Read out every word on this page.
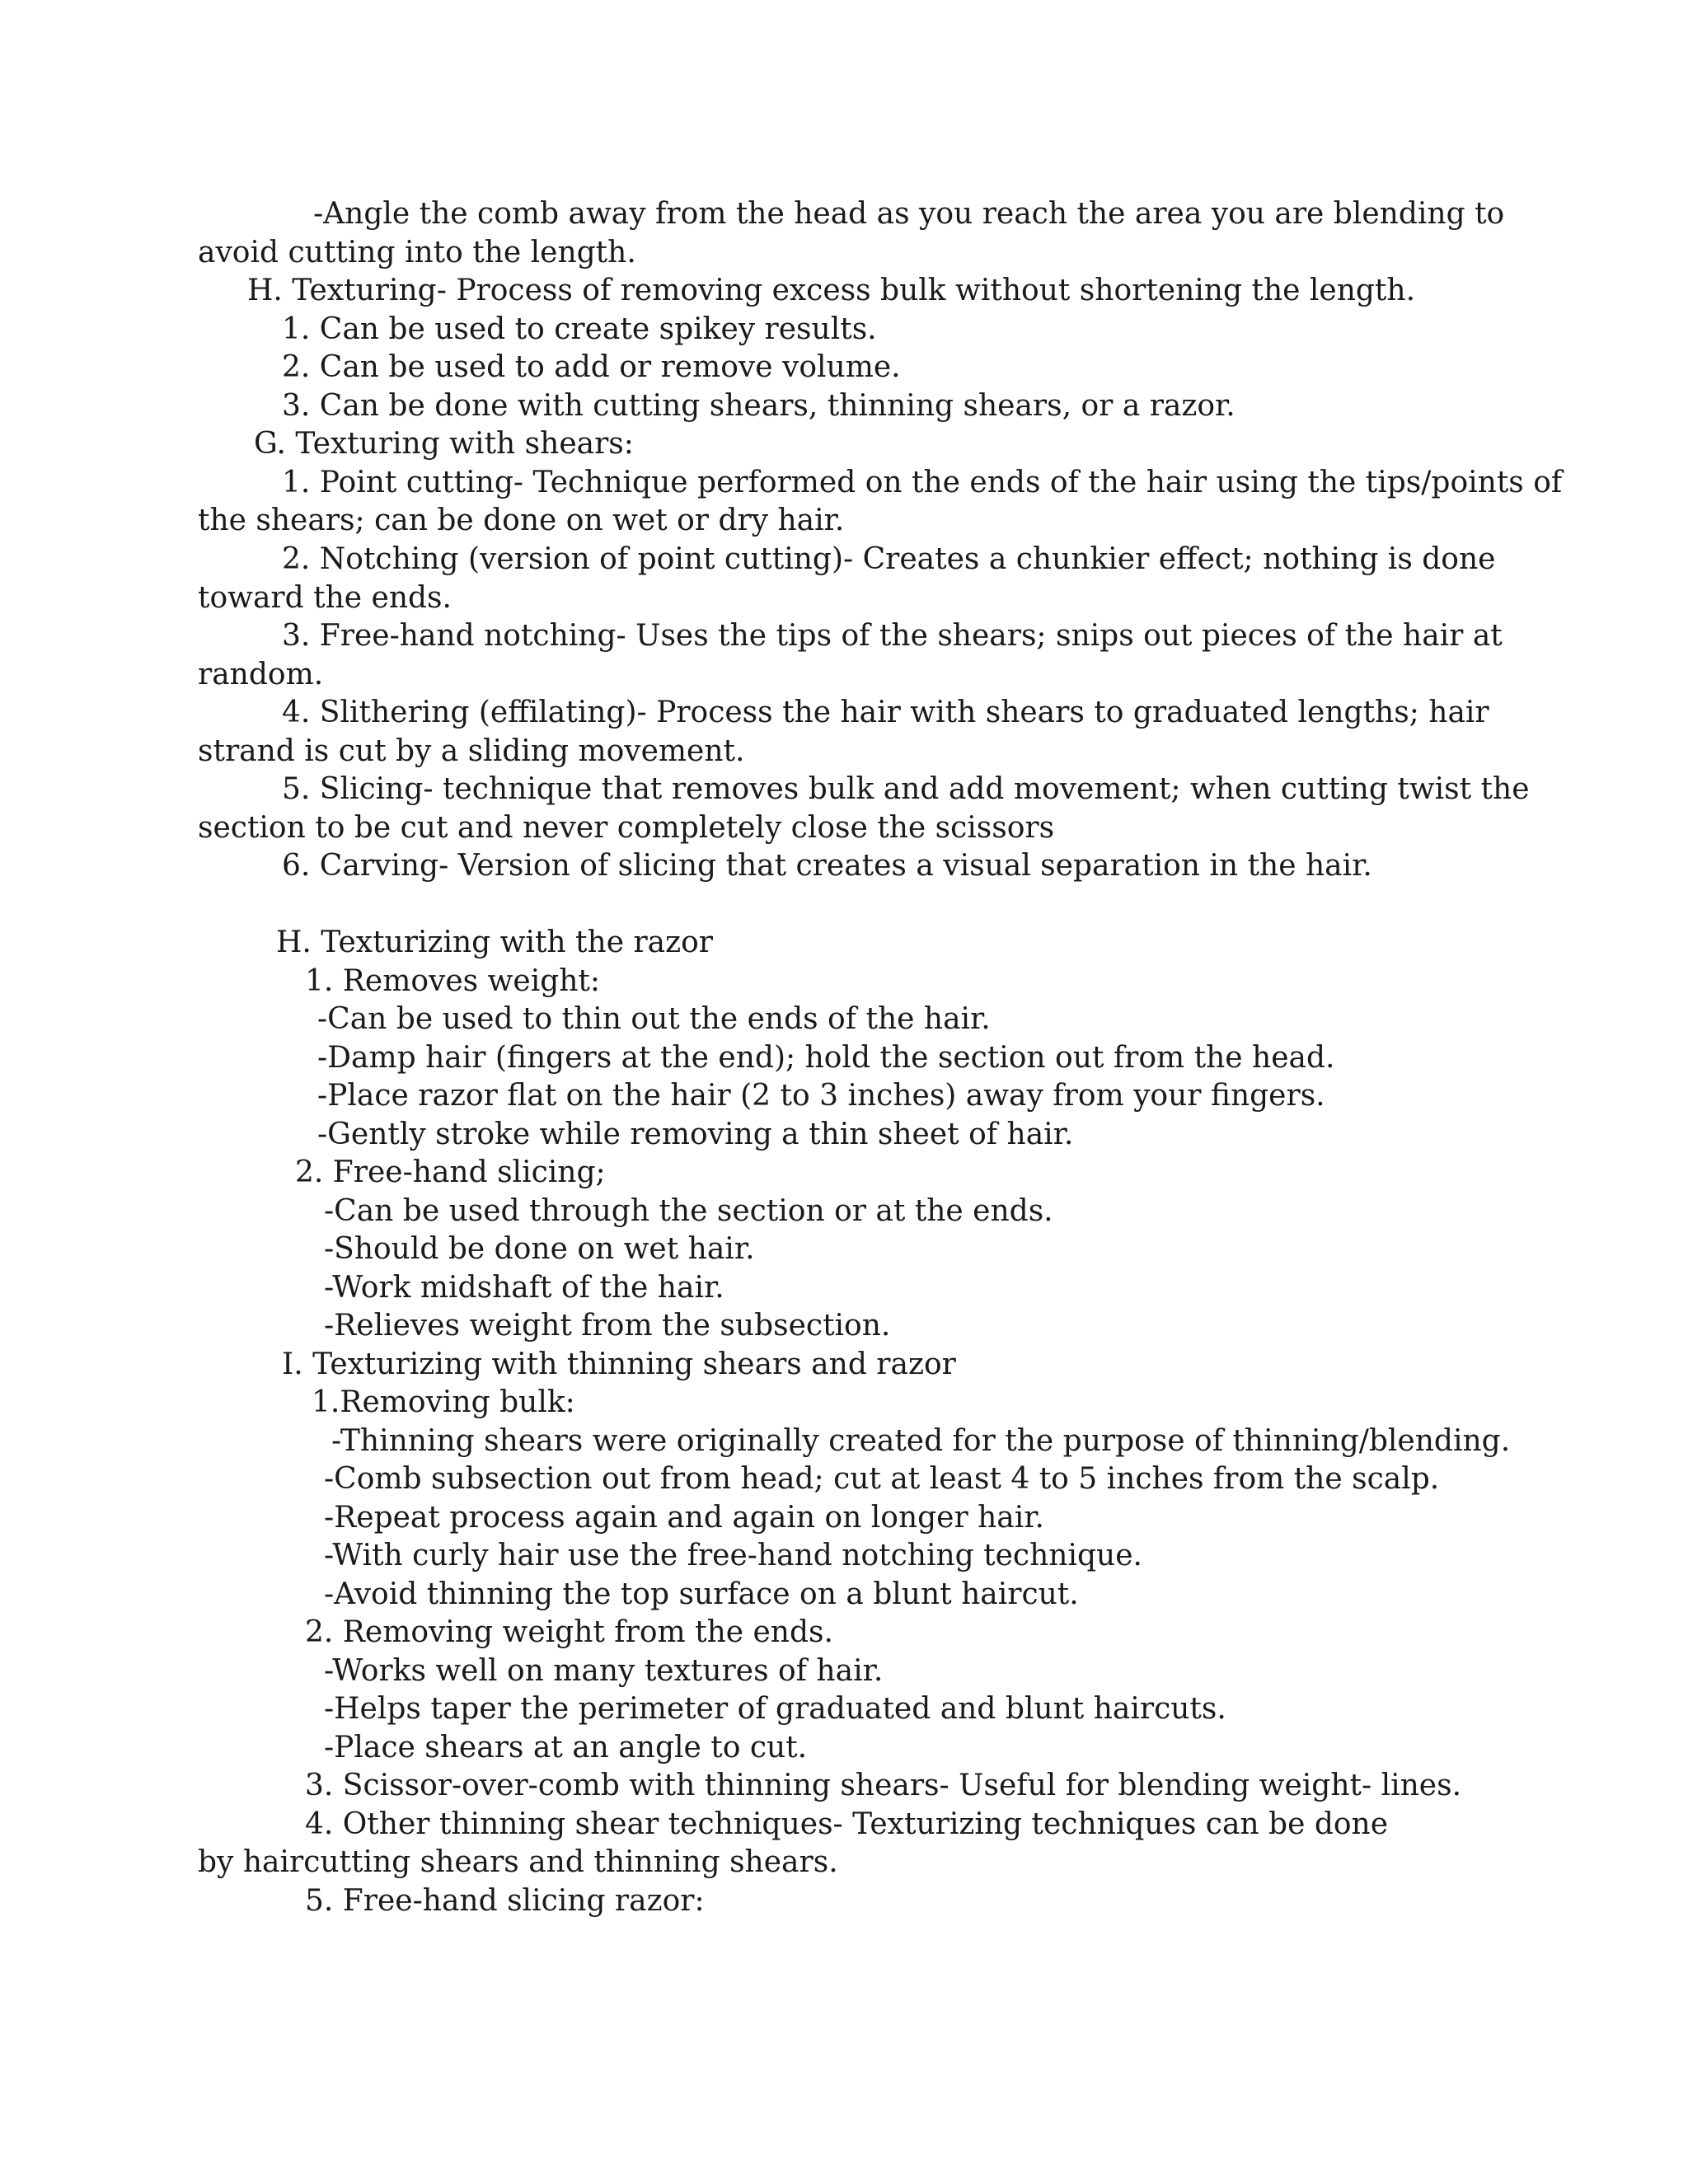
-Angle the comb away from the head as you reach the area you are blending to
avoid cutting into the length.
H. Texturing- Process of removing excess bulk without shortening the length.
1. Can be used to create spikey results.
2. Can be used to add or remove volume.
3. Can be done with cutting shears, thinning shears, or a razor.
G. Texturing with shears:
1. Point cutting- Technique performed on the ends of the hair using the tips/points of
the shears; can be done on wet or dry hair.
2. Notching (version of point cutting)- Creates a chunkier effect; nothing is done
toward the ends.
3. Free-hand notching- Uses the tips of the shears; snips out pieces of the hair at
random.
4. Slithering (effilating)- Process the hair with shears to graduated lengths; hair
strand is cut by a sliding movement.
5. Slicing- technique that removes bulk and add movement; when cutting twist the
section to be cut and never completely close the scissors
6. Carving- Version of slicing that creates a visual separation in the hair.
H. Texturizing with the razor
1. Removes weight:
-Can be used to thin out the ends of the hair.
-Damp hair (fingers at the end); hold the section out from the head.
-Place razor flat on the hair (2 to 3 inches) away from your fingers.
-Gently stroke while removing a thin sheet of hair.
2. Free-hand slicing;
-Can be used through the section or at the ends.
-Should be done on wet hair.
-Work midshaft of the hair.
-Relieves weight from the subsection.
I. Texturizing with thinning shears and razor
1.Removing bulk:
-Thinning shears were originally created for the purpose of thinning/blending.
-Comb subsection out from head; cut at least 4 to 5 inches from the scalp.
-Repeat process again and again on longer hair.
-With curly hair use the free-hand notching technique.
-Avoid thinning the top surface on a blunt haircut.
2. Removing weight from the ends.
-Works well on many textures of hair.
-Helps taper the perimeter of graduated and blunt haircuts.
-Place shears at an angle to cut.
3. Scissor-over-comb with thinning shears- Useful for blending weight- lines.
4. Other thinning shear techniques- Texturizing techniques can be done
by haircutting shears and thinning shears.
5. Free-hand slicing razor:
